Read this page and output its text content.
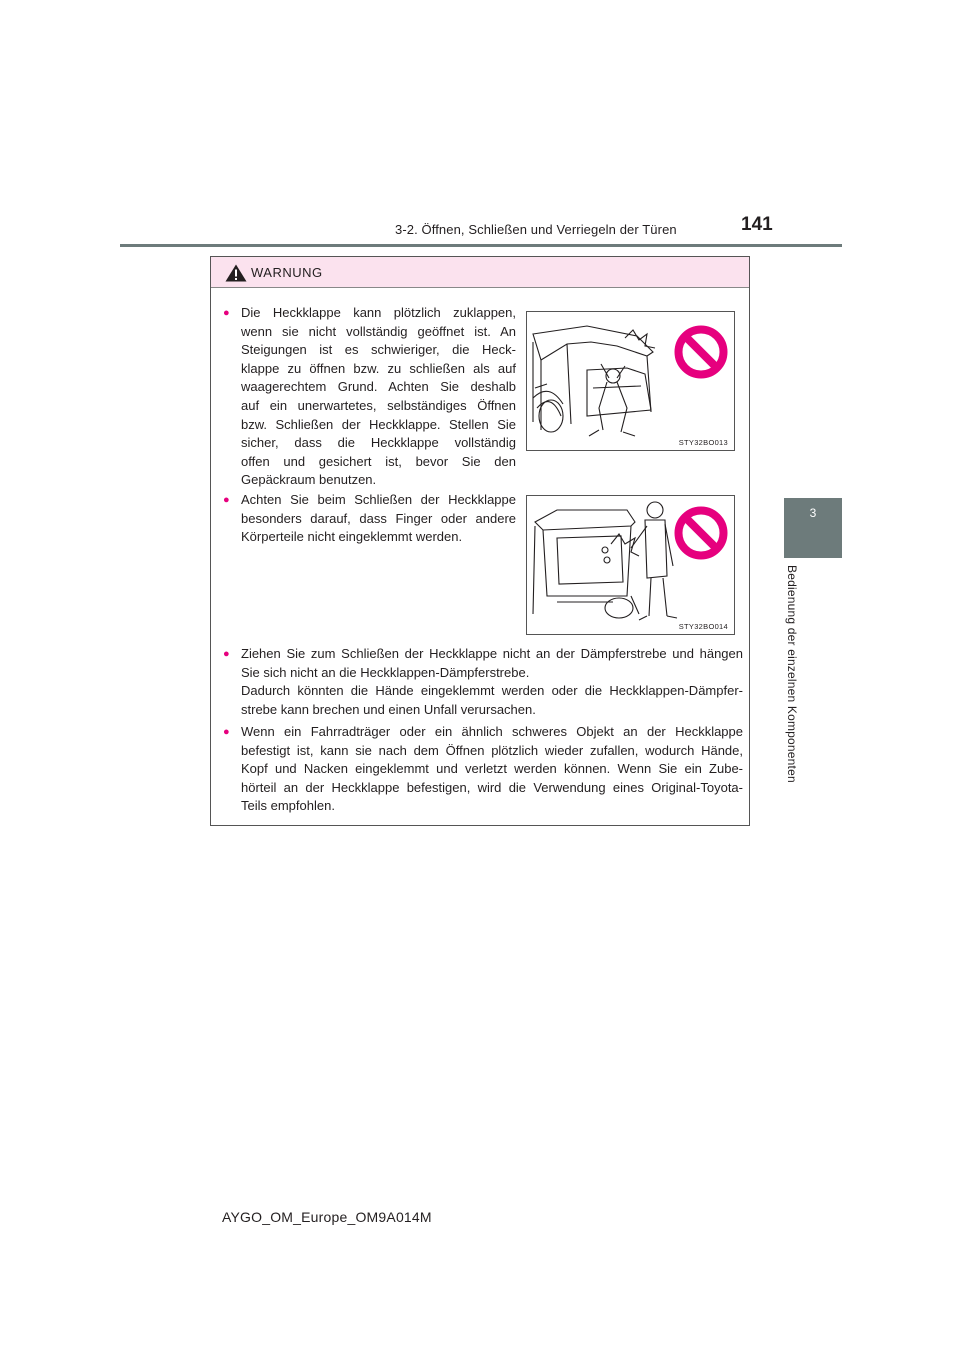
3-2. Öffnen, Schließen und Verriegeln der Türen	141
3
Bedienung der einzelnen Komponenten
WARNUNG
● Die Heckklappe kann plötzlich zuklappen,
wenn sie nicht vollständig geöffnet ist. An
Steigungen ist es schwieriger, die Heck-
klappe zu öffnen bzw. zu schließen als auf
waagerechtem Grund. Achten Sie deshalb
auf ein unerwartetes, selbständiges Öffnen
bzw. Schließen der Heckklappe. Stellen Sie
sicher, dass die Heckklappe vollständig
offen und gesichert ist, bevor Sie den
Gepäckraum benutzen.
STY32BO013
● Achten Sie beim Schließen der Heckklappe
besonders darauf, dass Finger oder andere
Körperteile nicht eingeklemmt werden.
STY32BO014
● Ziehen Sie zum Schließen der Heckklappe nicht an der Dämpferstrebe und hängen
Sie sich nicht an die Heckklappen-Dämpferstrebe.
Dadurch könnten die Hände eingeklemmt werden oder die Heckklappen-Dämpfer-
strebe kann brechen und einen Unfall verursachen.
● Wenn ein Fahrradträger oder ein ähnlich schweres Objekt an der Heckklappe
befestigt ist, kann sie nach dem Öffnen plötzlich wieder zufallen, wodurch Hände,
Kopf und Nacken eingeklemmt und verletzt werden können. Wenn Sie ein Zube-
hörteil an der Heckklappe befestigen, wird die Verwendung eines Original-Toyota-
Teils empfohlen.
AYGO_OM_Europe_OM9A014M
